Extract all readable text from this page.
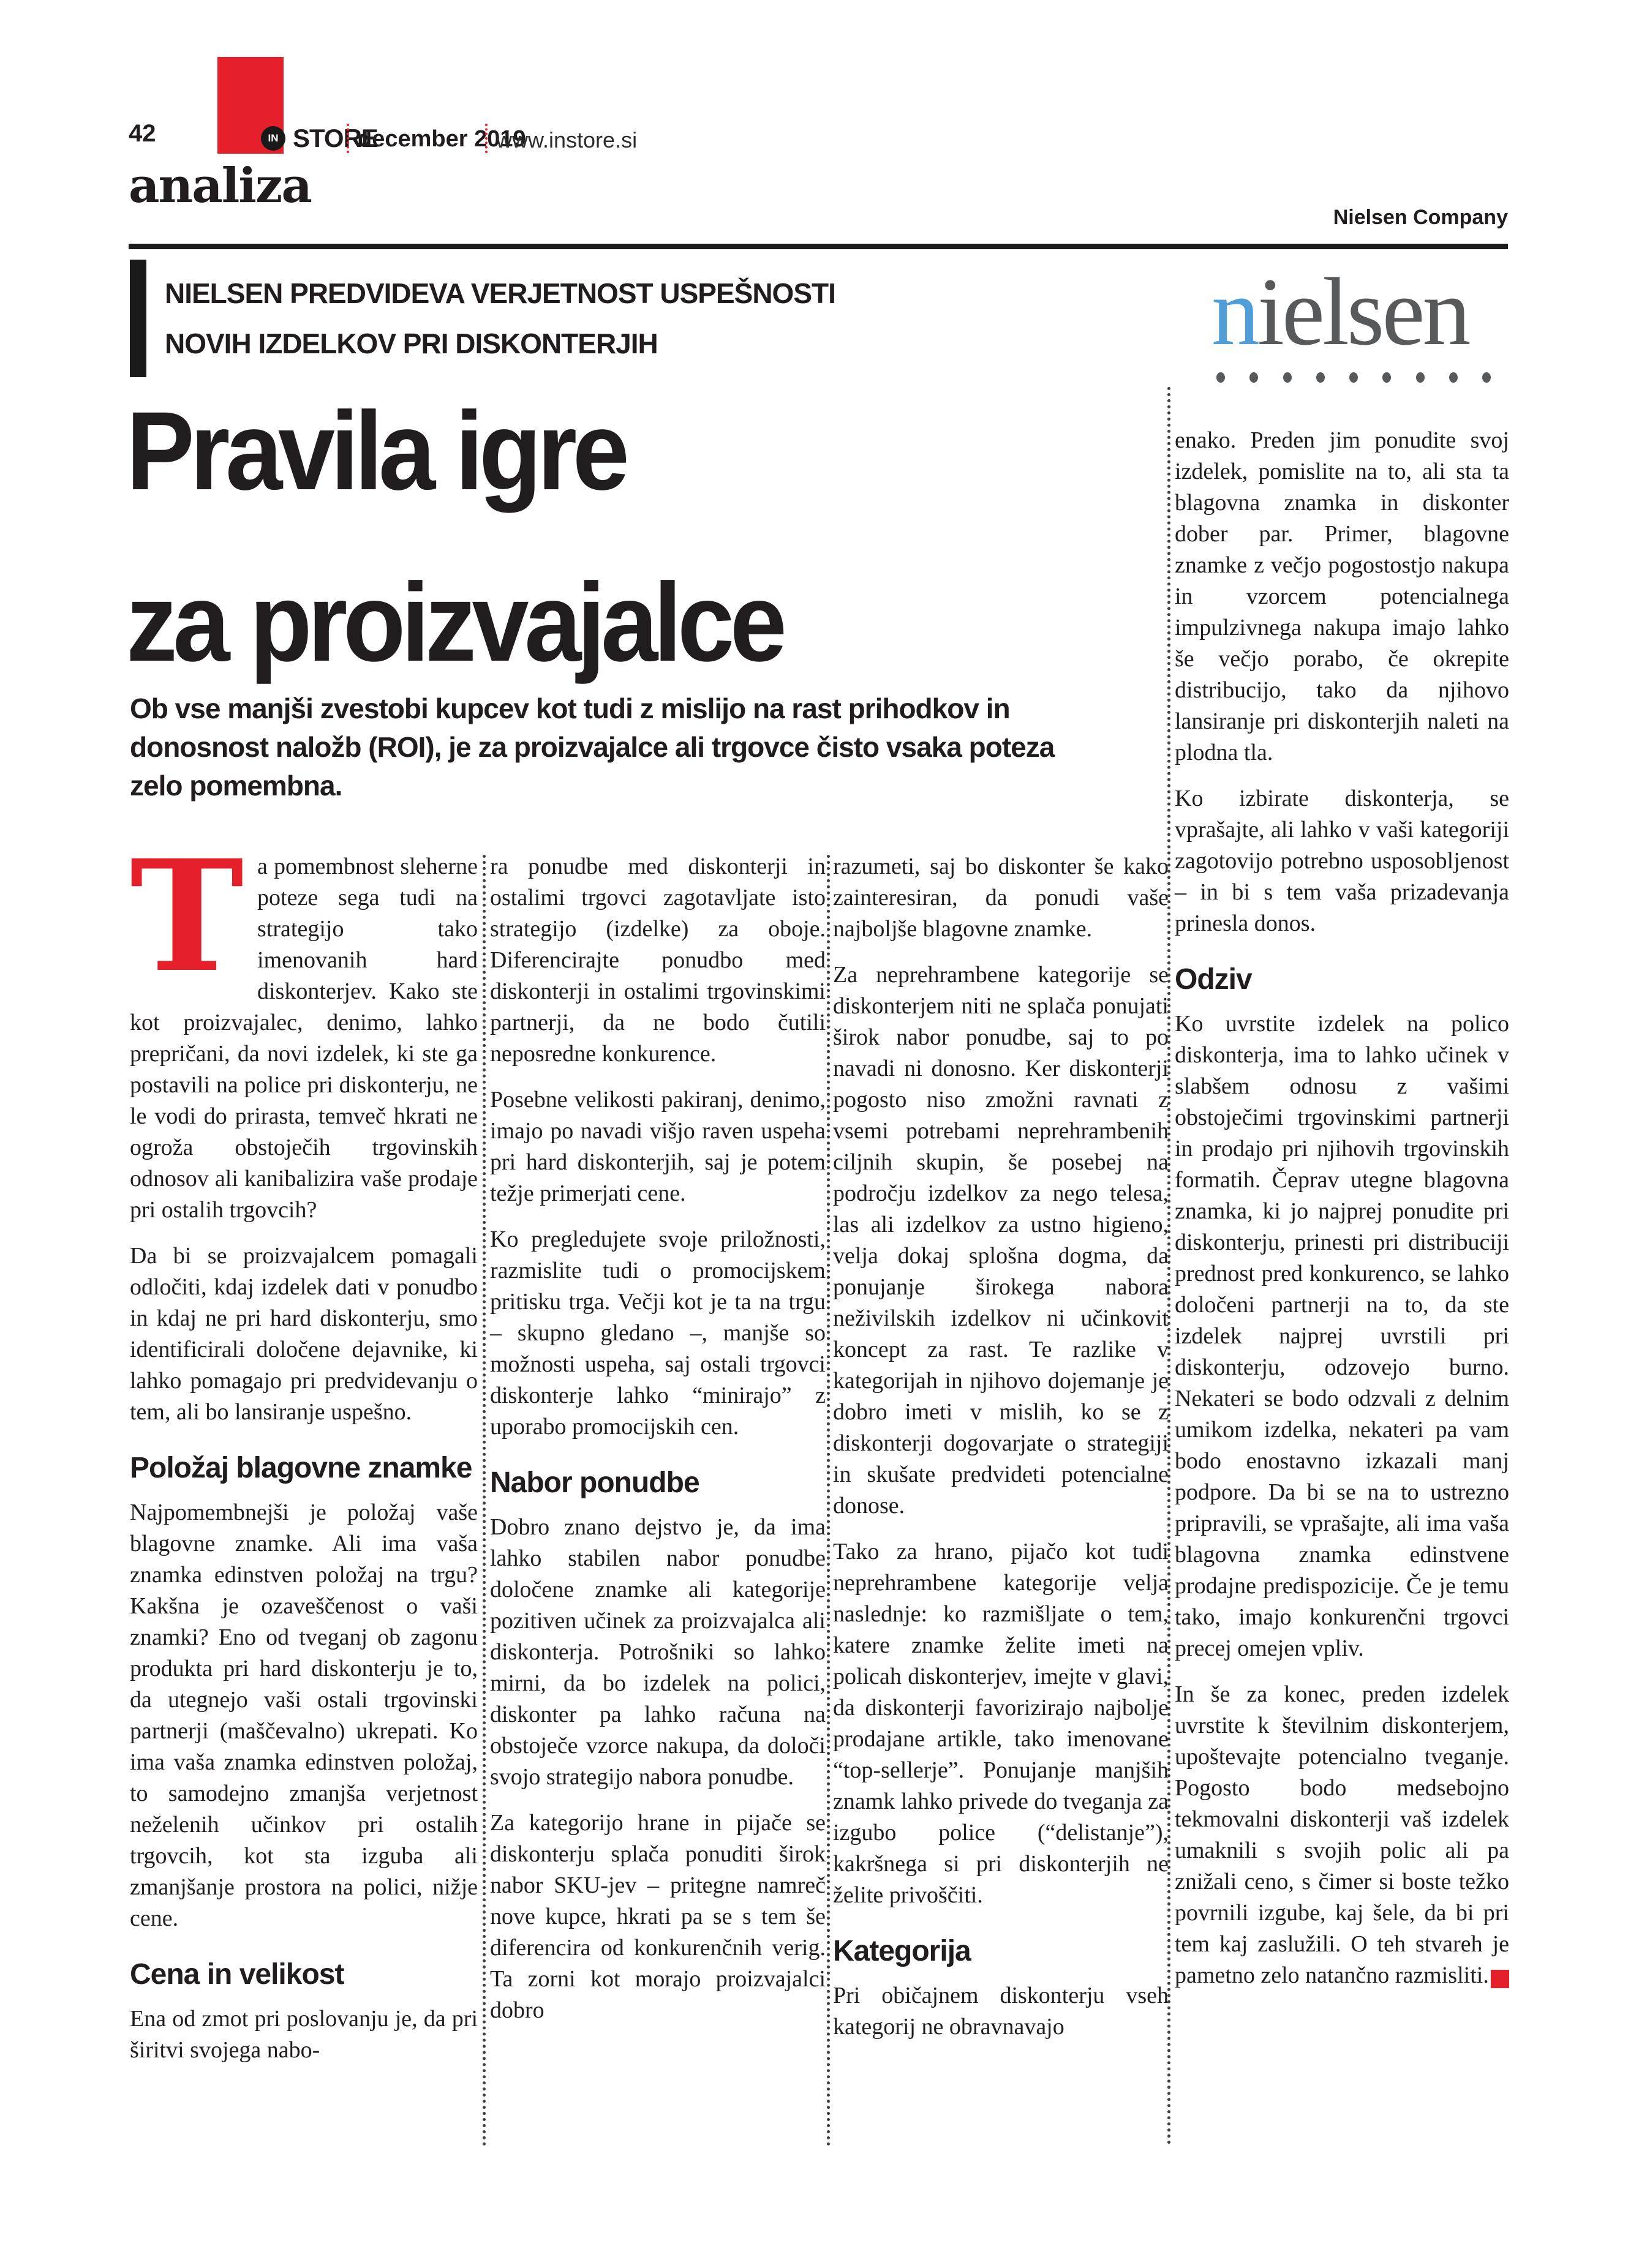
42	IN STORE
december 2019
www.instore.si
analiza
Nielsen Company
NIELSEN PREDVIDEVA VERJETNOST USPEŠNOSTI
NOVIH IZDELKOV PRI DISKONTERJIH	nielsen
Pravila igre
za proizvajalce
Ob vse manjši zvestobi kupcev kot tudi z mislijo na rast prihodkov in donosnost naložb (ROI), je za proizvajalce ali trgovce čisto vsaka poteza zelo pomembna.

Ta pomembnost sleherne poteze sega tudi na strategijo tako imenovanih hard diskonterjev. Kako ste kot proizvajalec, denimo, lahko prepričani, da novi izdelek, ki ste ga postavili na police pri diskonterju, ne le vodi do prirasta, temveč hkrati ne ogroža obstoječih trgovinskih odnosov ali kanibalizira vaše prodaje pri ostalih trgovcih?

Da bi se proizvajalcem pomagali odločiti, kdaj izdelek dati v ponudbo in kdaj ne pri hard diskonterju, smo identificirali določene dejavnike, ki lahko pomagajo pri predvidevanju o tem, ali bo lansiranje uspešno.

Položaj blagovne znamke

Najpomembnejši je položaj vaše blagovne znamke. Ali ima vaša znamka edinstven položaj na trgu? Kakšna je ozaveščenost o vaši znamki? Eno od tveganj ob zagonu produkta pri hard diskonterju je to, da utegnejo vaši ostali trgovinski partnerji (maščevalno) ukrepati. Ko ima vaša znamka edinstven položaj, to samodejno zmanjša verjetnost neželenih učinkov pri ostalih trgovcih, kot sta izguba ali zmanjšanje prostora na polici, nižje cene.

Cena in velikost

Ena od zmot pri poslovanju je, da pri širitvi svojega nabo-

ra ponudbe med diskonterji in ostalimi trgovci zagotavljate isto strategijo (izdelke) za oboje. Diferencirajte ponudbo med diskonterji in ostalimi trgovinskimi partnerji, da ne bodo čutili neposredne konkurence.

Posebne velikosti pakiranj, denimo, imajo po navadi višjo raven uspeha pri hard diskonterjih, saj je potem težje primerjati cene.

Ko pregledujete svoje priložnosti, razmislite tudi o promocijskem pritisku trga. Večji kot je ta na trgu – skupno gledano –, manjše so možnosti uspeha, saj ostali trgovci diskonterje lahko “minirajo” z uporabo promocijskih cen.

Nabor ponudbe

Dobro znano dejstvo je, da ima lahko stabilen nabor ponudbe določene znamke ali kategorije pozitiven učinek za proizvajalca ali diskonterja. Potrošniki so lahko mirni, da bo izdelek na polici, diskonter pa lahko računa na obstoječe vzorce nakupa, da določi svojo strategijo nabora ponudbe.

Za kategorijo hrane in pijače se diskonterju splača ponuditi širok nabor SKU-jev – pritegne namreč nove kupce, hkrati pa se s tem še diferencira od konkurenčnih verig. Ta zorni kot morajo proizvajalci dobro

razumeti, saj bo diskonter še kako zainteresiran, da ponudi vaše najboljše blagovne znamke.

Za neprehrambene kategorije se diskonterjem niti ne splača ponujati širok nabor ponudbe, saj to po navadi ni donosno. Ker diskonterji pogosto niso zmožni ravnati z vsemi potrebami neprehrambenih ciljnih skupin, še posebej na področju izdelkov za nego telesa, las ali izdelkov za ustno higieno, velja dokaj splošna dogma, da ponujanje širokega nabora neživilskih izdelkov ni učinkovit koncept za rast. Te razlike v kategorijah in njihovo dojemanje je dobro imeti v mislih, ko se z diskonterji dogovarjate o strategiji in skušate predvideti potencialne donose.

Tako za hrano, pijačo kot tudi neprehrambene kategorije velja naslednje: ko razmišljate o tem, katere znamke želite imeti na policah diskonterjev, imejte v glavi, da diskonterji favorizirajo najbolje prodajane artikle, tako imenovane “top-sellerje”. Ponujanje manjših znamk lahko privede do tveganja za izgubo police (“delistanje”), kakršnega si pri diskonterjih ne želite privoščiti.

Kategorija

Pri običajnem diskonterju vseh kategorij ne obravnavajo

enako. Preden jim ponudite svoj izdelek, pomislite na to, ali sta ta blagovna znamka in diskonter dober par. Primer, blagovne znamke z večjo pogostostjo nakupa in vzorcem potencialnega impulzivnega nakupa imajo lahko še večjo porabo, če okrepite distribucijo, tako da njihovo lansiranje pri diskonterjih naleti na plodna tla.

Ko izbirate diskonterja, se vprašajte, ali lahko v vaši kategoriji zagotovijo potrebno usposobljenost – in bi s tem vaša prizadevanja prinesla donos.

Odziv

Ko uvrstite izdelek na polico diskonterja, ima to lahko učinek v slabšem odnosu z vašimi obstoječimi trgovinskimi partnerji in prodajo pri njihovih trgovinskih formatih. Čeprav utegne blagovna znamka, ki jo najprej ponudite pri diskonterju, prinesti pri distribuciji prednost pred konkurenco, se lahko določeni partnerji na to, da ste izdelek najprej uvrstili pri diskonterju, odzovejo burno. Nekateri se bodo odzvali z delnim umikom izdelka, nekateri pa vam bodo enostavno izkazali manj podpore. Da bi se na to ustrezno pripravili, se vprašajte, ali ima vaša blagovna znamka edinstvene prodajne predispozicije. Če je temu tako, imajo konkurenčni trgovci precej omejen vpliv.

In še za konec, preden izdelek uvrstite k številnim diskonterjem, upoštevajte potencialno tveganje. Pogosto bodo medsebojno tekmovalni diskonterji vaš izdelek umaknili s svojih polic ali pa znižali ceno, s čimer si boste težko povrnili izgube, kaj šele, da bi pri tem kaj zaslužili. O teh stvareh je pametno zelo natančno razmisliti.
